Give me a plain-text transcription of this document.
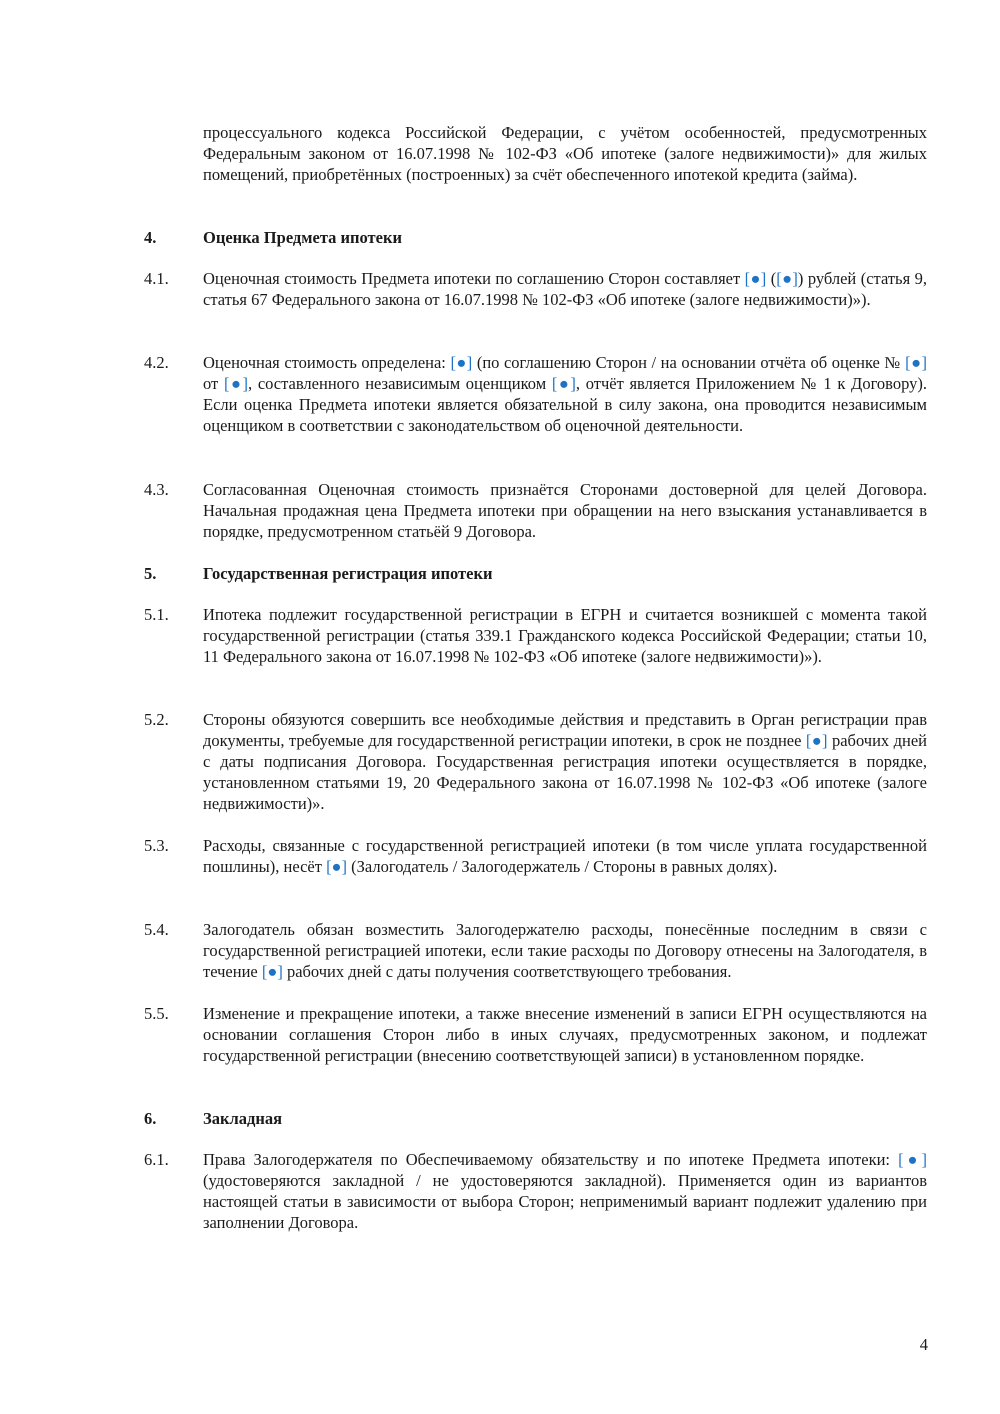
процессуального кодекса Российской Федерации, с учётом особенностей, предусмотренных Федеральным законом от 16.07.1998 № 102-ФЗ «Об ипотеке (залоге недвижимости)» для жилых помещений, приобретённых (построенных) за счёт обеспеченного ипотекой кредита (займа).
4.	Оценка Предмета ипотеки
4.1. Оценочная стоимость Предмета ипотеки по соглашению Сторон составляет [●] ([●]) рублей (статья 9, статья 67 Федерального закона от 16.07.1998 № 102-ФЗ «Об ипотеке (залоге недвижимости)»).
4.2. Оценочная стоимость определена: [●] (по соглашению Сторон / на основании отчёта об оценке № [●] от [●], составленного независимым оценщиком [●], отчёт является Приложением № 1 к Договору). Если оценка Предмета ипотеки является обязательной в силу закона, она проводится независимым оценщиком в соответствии с законодательством об оценочной деятельности.
4.3. Согласованная Оценочная стоимость признаётся Сторонами достоверной для целей Договора. Начальная продажная цена Предмета ипотеки при обращении на него взыскания устанавливается в порядке, предусмотренном статьёй 9 Договора.
5.	Государственная регистрация ипотеки
5.1. Ипотека подлежит государственной регистрации в ЕГРН и считается возникшей с момента такой государственной регистрации (статья 339.1 Гражданского кодекса Российской Федерации; статьи 10, 11 Федерального закона от 16.07.1998 № 102-ФЗ «Об ипотеке (залоге недвижимости)»).
5.2. Стороны обязуются совершить все необходимые действия и представить в Орган регистрации прав документы, требуемые для государственной регистрации ипотеки, в срок не позднее [●] рабочих дней с даты подписания Договора. Государственная регистрация ипотеки осуществляется в порядке, установленном статьями 19, 20 Федерального закона от 16.07.1998 № 102-ФЗ «Об ипотеке (залоге недвижимости)».
5.3. Расходы, связанные с государственной регистрацией ипотеки (в том числе уплата государственной пошлины), несёт [●] (Залогодатель / Залогодержатель / Стороны в равных долях).
5.4. Залогодатель обязан возместить Залогодержателю расходы, понесённые последним в связи с государственной регистрацией ипотеки, если такие расходы по Договору отнесены на Залогодателя, в течение [●] рабочих дней с даты получения соответствующего требования.
5.5. Изменение и прекращение ипотеки, а также внесение изменений в записи ЕГРН осуществляются на основании соглашения Сторон либо в иных случаях, предусмотренных законом, и подлежат государственной регистрации (внесению соответствующей записи) в установленном порядке.
6.	Закладная
6.1. Права Залогодержателя по Обеспечиваемому обязательству и по ипотеке Предмета ипотеки: [●] (удостоверяются закладной / не удостоверяются закладной). Применяется один из вариантов настоящей статьи в зависимости от выбора Сторон; неприменимый вариант подлежит удалению при заполнении Договора.
4
